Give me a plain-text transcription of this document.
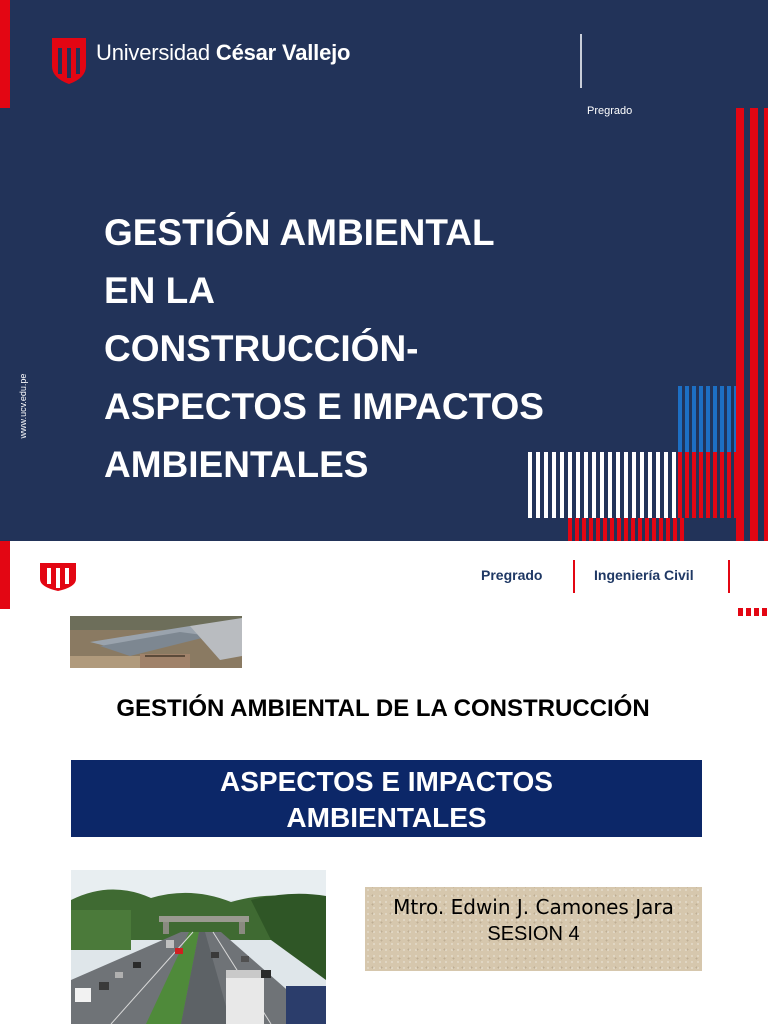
Universidad César Vallejo
Pregrado
GESTIÓN AMBIENTAL
EN LA
CONSTRUCCIÓN-
ASPECTOS E IMPACTOS
AMBIENTALES
www.ucv.edu.pe
Pregrado	Ingeniería Civil
GESTIÓN AMBIENTAL DE LA CONSTRUCCIÓN
ASPECTOS E IMPACTOS
AMBIENTALES
Mtro. Edwin J. Camones Jara
SESION 4
